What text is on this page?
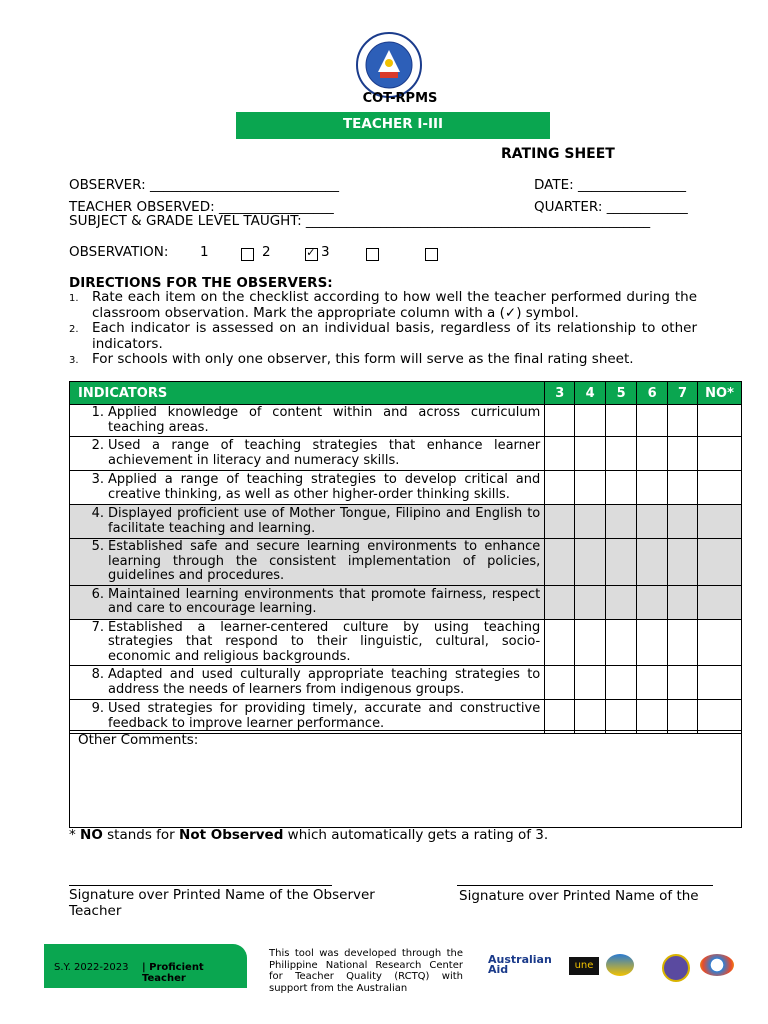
COT-RPMS
TEACHER I-III
RATING SHEET
OBSERVER: ____________________________	DATE: ________________
TEACHER OBSERVED: _________________	QUARTER: ____________
SUBJECT & GRADE LEVEL TAUGHT: ___________________________________________________
OBSERVATION: 1
	2 ✓	3

DIRECTIONS FOR THE OBSERVERS:
1. Rate each item on the checklist according to how well the teacher performed during the classroom observation. Mark the appropriate column with a (✓) symbol.
2. Each indicator is assessed on an individual basis, regardless of its relationship to other indicators.
3. For schools with only one observer, this form will serve as the final rating sheet.
INDICATORS	3	4	5	6	7	NO*

1. Applied knowledge of content within and across curriculum teaching areas.						

2. Used a range of teaching strategies that enhance learner achievement in literacy and numeracy skills.						

3. Applied a range of teaching strategies to develop critical and creative thinking, as well as other higher-order thinking skills.						

4. Displayed proficient use of Mother Tongue, Filipino and English to facilitate teaching and learning.						

5. Established safe and secure learning environments to enhance learning through the consistent implementation of policies, guidelines and procedures.						

6. Maintained learning environments that promote fairness, respect and care to encourage learning.						

7. Established a learner-centered culture by using teaching strategies that respond to their linguistic, cultural, socio-economic and religious backgrounds.						

8. Adapted and used culturally appropriate teaching strategies to address the needs of learners from indigenous groups.						

9. Used strategies for providing timely, accurate and constructive feedback to improve learner performance.						

Other Comments:
* NO stands for Not Observed which automatically gets a rating of 3.
Signature over Printed Name of the Observer Teacher
Signature over Printed Name of the
S.Y. 2022-2023 | Proficient Teacher
This tool was developed through the Philippine National Research Center for Teacher Quality (RCTQ) with support from the Australian
Australian Aid	une
